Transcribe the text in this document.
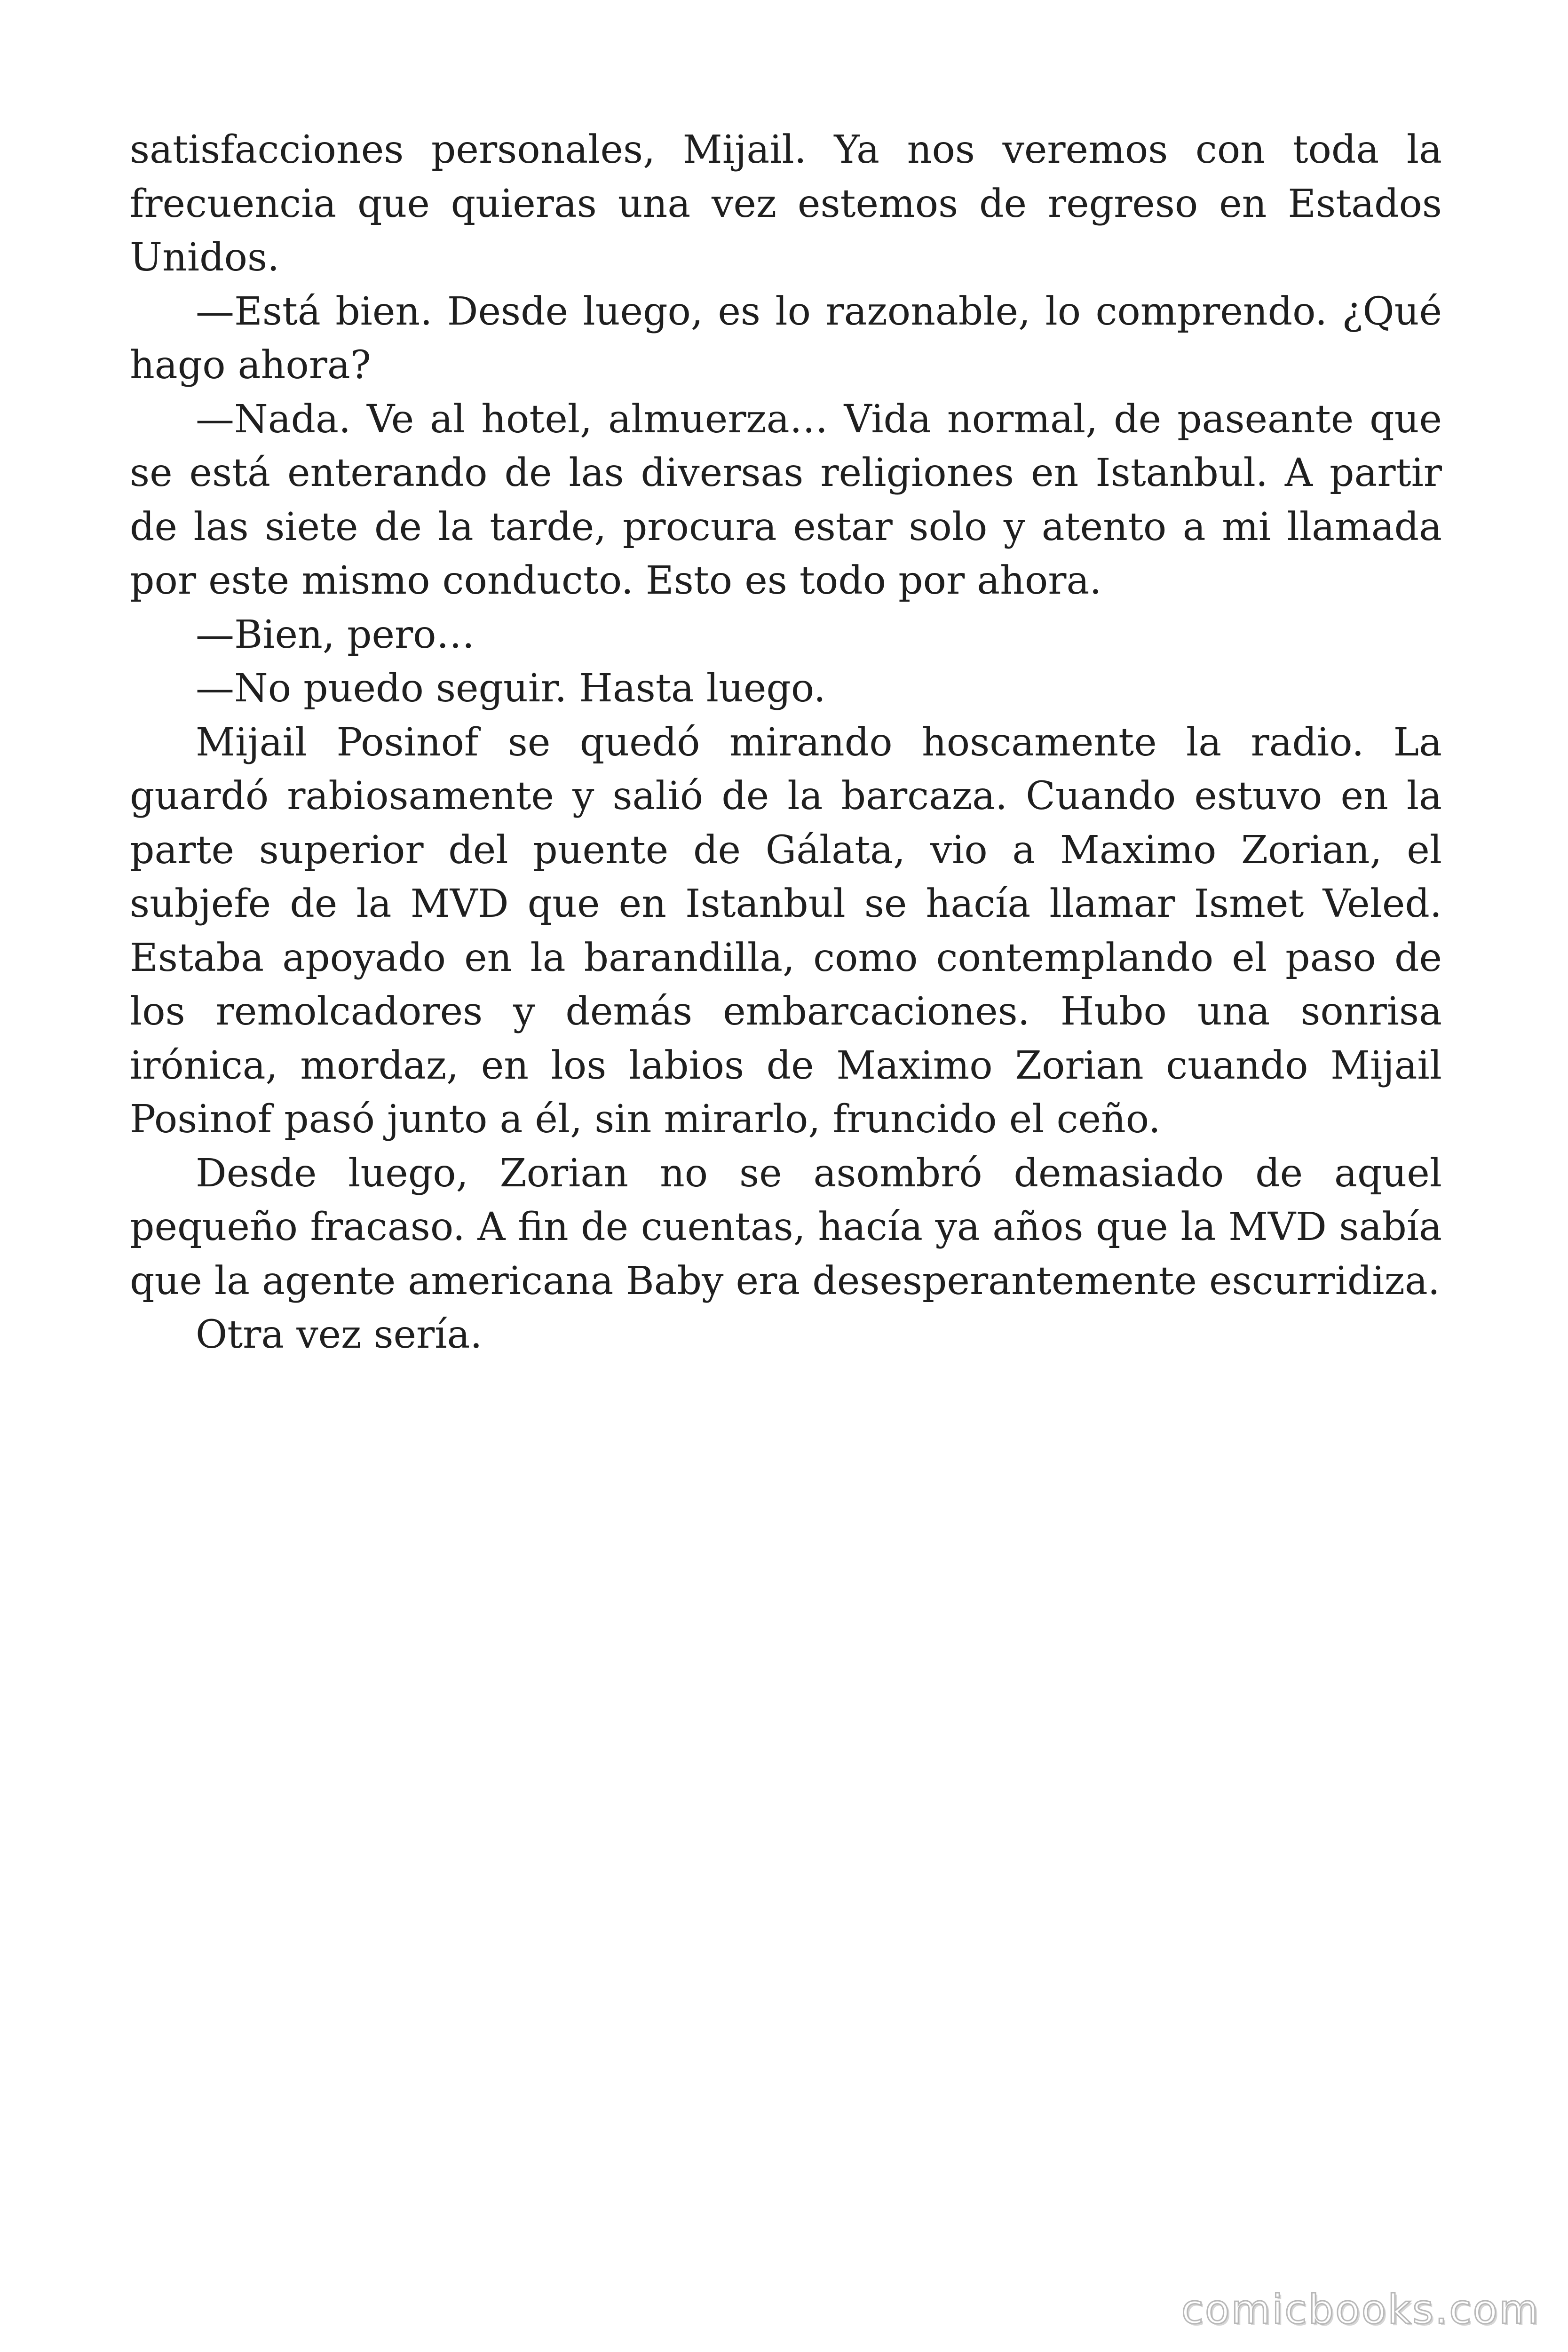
satisfacciones personales, Mijail. Ya nos veremos con toda la frecuencia que quieras una vez estemos de regreso en Estados Unidos.

—Está bien. Desde luego, es lo razonable, lo comprendo. ¿Qué hago ahora?

—Nada. Ve al hotel, almuerza… Vida normal, de paseante que se está enterando de las diversas religiones en Istanbul. A partir de las siete de la tarde, procura estar solo y atento a mi llamada por este mismo conducto. Esto es todo por ahora.

—Bien, pero…

—No puedo seguir. Hasta luego.

Mijail Posinof se quedó mirando hoscamente la radio. La guardó rabiosamente y salió de la barcaza. Cuando estuvo en la parte superior del puente de Gálata, vio a Maximo Zorian, el subjefe de la MVD que en Istanbul se hacía llamar Ismet Veled. Estaba apoyado en la barandilla, como contemplando el paso de los remolcadores y demás embarcaciones. Hubo una sonrisa irónica, mordaz, en los labios de Maximo Zorian cuando Mijail Posinof pasó junto a él, sin mirarlo, fruncido el ceño.

Desde luego, Zorian no se asombró demasiado de aquel pequeño fracaso. A fin de cuentas, hacía ya años que la MVD sabía que la agente americana Baby era desesperantemente escurridiza.

Otra vez sería.

comicbooks.com
